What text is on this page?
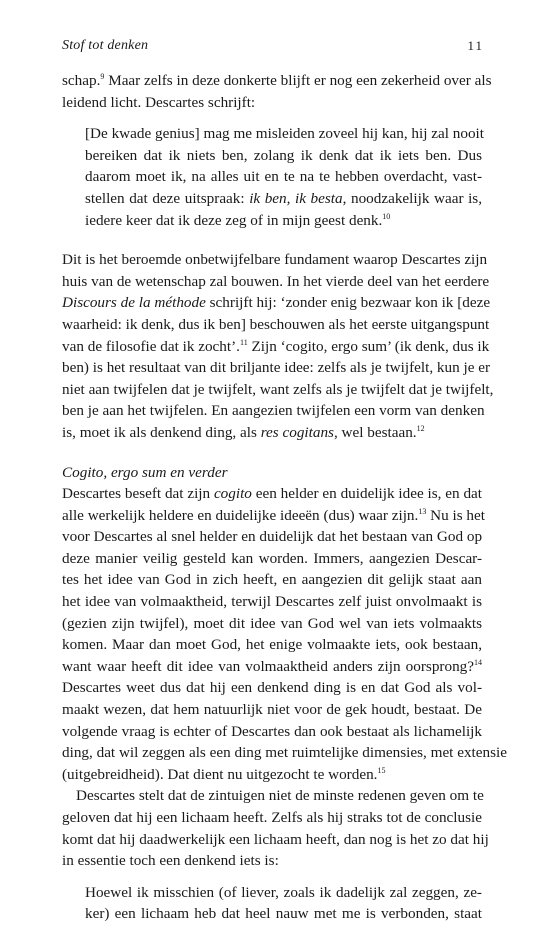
Stof tot denken	11

schap.$^9$ Maar zelfs in deze donkerte blijft er nog een zekerheid over als
leidend licht. Descartes schrijft:

[De kwade genius] mag me misleiden zoveel hij kan, hij zal nooit
bereiken dat ik niets ben, zolang ik denk dat ik iets ben. Dus
daarom moet ik, na alles uit en te na te hebben overdacht, vast-
stellen dat deze uitspraak: ik ben, ik besta, noodzakelijk waar is,
iedere keer dat ik deze zeg of in mijn geest denk.$^{10}$

Dit is het beroemde onbetwijfelbare fundament waarop Descartes zijn
huis van de wetenschap zal bouwen. In het vierde deel van het eerdere
Discours de la méthode schrijft hij: ‘zonder enig bezwaar kon ik [deze
waarheid: ik denk, dus ik ben] beschouwen als het eerste uitgangspunt
van de filosofie dat ik zocht’.$^{11}$ Zijn ‘cogito, ergo sum’ (ik denk, dus ik
ben) is het resultaat van dit briljante idee: zelfs als je twijfelt, kun je er
niet aan twijfelen dat je twijfelt, want zelfs als je twijfelt dat je twijfelt,
ben je aan het twijfelen. En aangezien twijfelen een vorm van denken
is, moet ik als denkend ding, als res cogitans, wel bestaan.$^{12}$

Cogito, ergo sum en verder

Descartes beseft dat zijn cogito een helder en duidelijk idee is, en dat
alle werkelijk heldere en duidelijke ideeën (dus) waar zijn.$^{13}$ Nu is het
voor Descartes al snel helder en duidelijk dat het bestaan van God op
deze manier veilig gesteld kan worden. Immers, aangezien Descar-
tes het idee van God in zich heeft, en aangezien dit gelijk staat aan
het idee van volmaaktheid, terwijl Descartes zelf juist onvolmaakt is
(gezien zijn twijfel), moet dit idee van God wel van iets volmaakts
komen. Maar dan moet God, het enige volmaakte iets, ook bestaan,
want waar heeft dit idee van volmaaktheid anders zijn oorsprong?$^{14}$
Descartes weet dus dat hij een denkend ding is en dat God als vol-
maakt wezen, dat hem natuurlijk niet voor de gek houdt, bestaat. De
volgende vraag is echter of Descartes dan ook bestaat als lichamelijk
ding, dat wil zeggen als een ding met ruimtelijke dimensies, met extensie
(uitgebreidheid). Dat dient nu uitgezocht te worden.$^{15}$

Descartes stelt dat de zintuigen niet de minste redenen geven om te
geloven dat hij een lichaam heeft. Zelfs als hij straks tot de conclusie
komt dat hij daadwerkelijk een lichaam heeft, dan nog is het zo dat hij
in essentie toch een denkend iets is:

Hoewel ik misschien (of liever, zoals ik dadelijk zal zeggen, ze-
ker) een lichaam heb dat heel nauw met me is verbonden, staat
